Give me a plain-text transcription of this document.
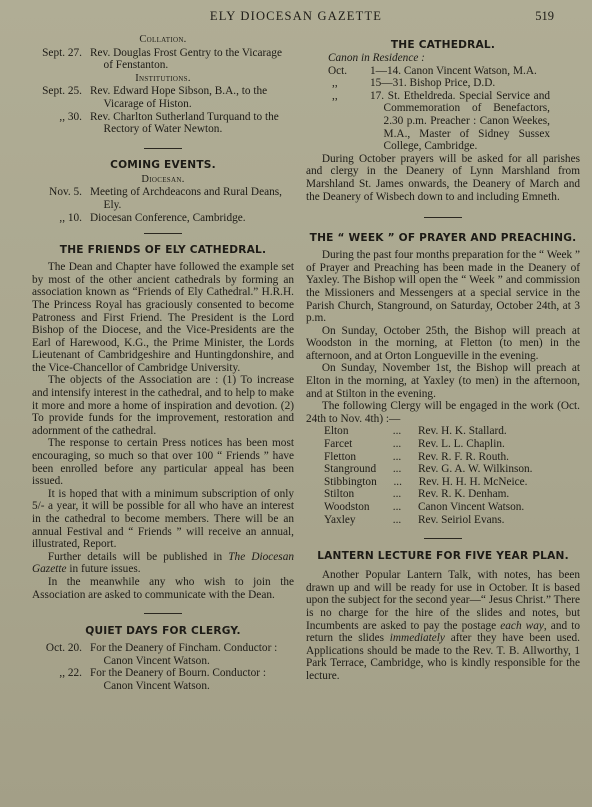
ELY DIOCESAN GAZETTE	519
Collation.
Sept. 27. Rev. Douglas Frost Gentry to the Vicarage of Fenstanton.
Institutions.
Sept. 25. Rev. Edward Hope Sibson, B.A., to the Vicarage of Histon.
,, 30. Rev. Charlton Sutherland Turquand to the Rectory of Water Newton.
COMING EVENTS.
Diocesan.
Nov. 5. Meeting of Archdeacons and Rural Deans, Ely.
,, 10. Diocesan Conference, Cambridge.
THE FRIENDS OF ELY CATHEDRAL.

The Dean and Chapter have followed the example set by most of the other ancient cathedrals by forming an association known as “Friends of Ely Cathedral.” H.R.H. The Princess Royal has graciously consented to become Patroness and First Friend. The President is the Lord Bishop of the Diocese, and the Vice-Presidents are the Earl of Harewood, K.G., the Prime Minister, the Lords Lieutenant of Cambridgeshire and Huntingdonshire, and the Vice-Chancellor of Cambridge University.

The objects of the Association are : (1) To increase and intensify interest in the cathedral, and to help to make it more and more a home of inspiration and devotion. (2) To provide funds for the improvement, restoration and adornment of the cathedral.

The response to certain Press notices has been most encouraging, so much so that over 100 “ Friends ” have been enrolled before any particular appeal has been issued.

It is hoped that with a minimum subscription of only 5/- a year, it will be possible for all who have an interest in the cathedral to become members. There will be an annual Festival and “ Friends ” will receive an annual, illustrated, Report.

Further details will be published in The Diocesan Gazette in future issues.

In the meanwhile any who wish to join the Association are asked to communicate with the Dean.

QUIET DAYS FOR CLERGY.
Oct. 20. For the Deanery of Fincham. Conductor : Canon Vincent Watson.
,, 22. For the Deanery of Bourn. Conductor : Canon Vincent Watson.
THE CATHEDRAL.
Canon in Residence :
Oct.	1—14. Canon Vincent Watson, M.A.
,,	15—31. Bishop Price, D.D.
,,	17. St. Etheldreda. Special Service and Commemoration of Benefactors, 2.30 p.m. Preacher : Canon Weekes, M.A., Master of Sidney Sussex College, Cambridge.

During October prayers will be asked for all parishes and clergy in the Deanery of Lynn Marshland from Marshland St. James onwards, the Deanery of March and the Deanery of Wisbech down to and including Emneth.

THE “ WEEK ” OF PRAYER AND PREACHING.

During the past four months preparation for the “ Week ” of Prayer and Preaching has been made in the Deanery of Yaxley. The Bishop will open the “ Week ” and commission the Missioners and Messengers at a special service in the Parish Church, Stanground, on Saturday, October 24th, at 3 p.m.

On Sunday, October 25th, the Bishop will preach at Woodston in the morning, at Fletton (to men) in the afternoon, and at Orton Longueville in the evening.

On Sunday, November 1st, the Bishop will preach at Elton in the morning, at Yaxley (to men) in the afternoon, and at Stilton in the evening.

The following Clergy will be engaged in the work (Oct. 24th to Nov. 4th) :—

Elton	...	Rev. H. K. Stallard.
Farcet	...	Rev. L. L. Chaplin.
Fletton	...	Rev. R. F. R. Routh.
Stanground	...	Rev. G. A. W. Wilkinson.
Stibbington	...	Rev. H. H. H. McNeice.
Stilton	...	Rev. R. K. Denham.
Woodston	...	Canon Vincent Watson.
Yaxley	...	Rev. Seiriol Evans.
LANTERN LECTURE FOR FIVE YEAR PLAN.

Another Popular Lantern Talk, with notes, has been drawn up and will be ready for use in October. It is based upon the subject for the second year—“ Jesus Christ.” There is no charge for the hire of the slides and notes, but Incumbents are asked to pay the postage each way, and to return the slides immediately after they have been used. Applications should be made to the Rev. T. B. Allworthy, 1 Park Terrace, Cambridge, who is kindly responsible for the lecture.
